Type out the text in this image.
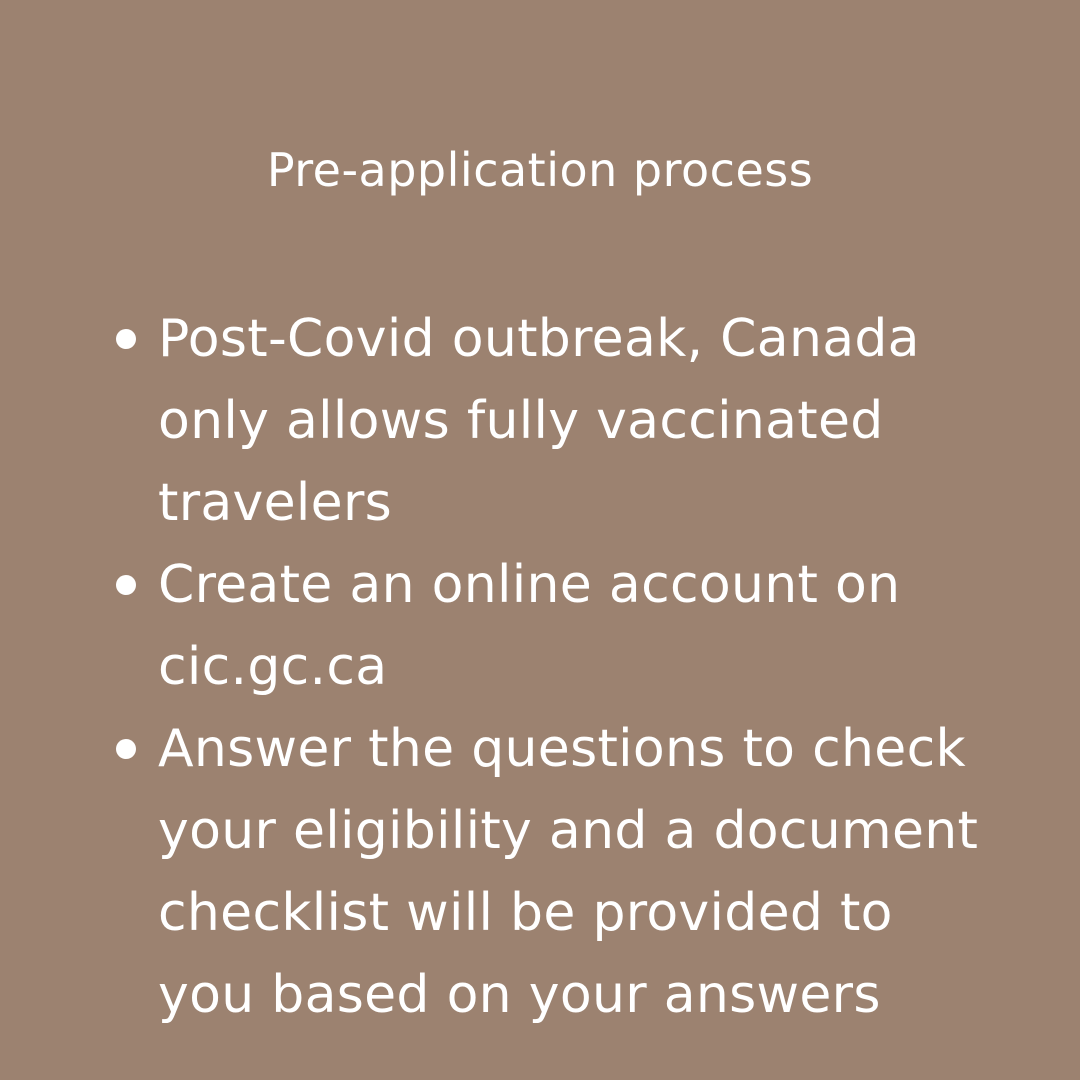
Pre-application process
Post-Covid outbreak, Canada only allows fully vaccinated travelers
Create an online account on cic.gc.ca
Answer the questions to check your eligibility and a document checklist will be provided to you based on your answers
